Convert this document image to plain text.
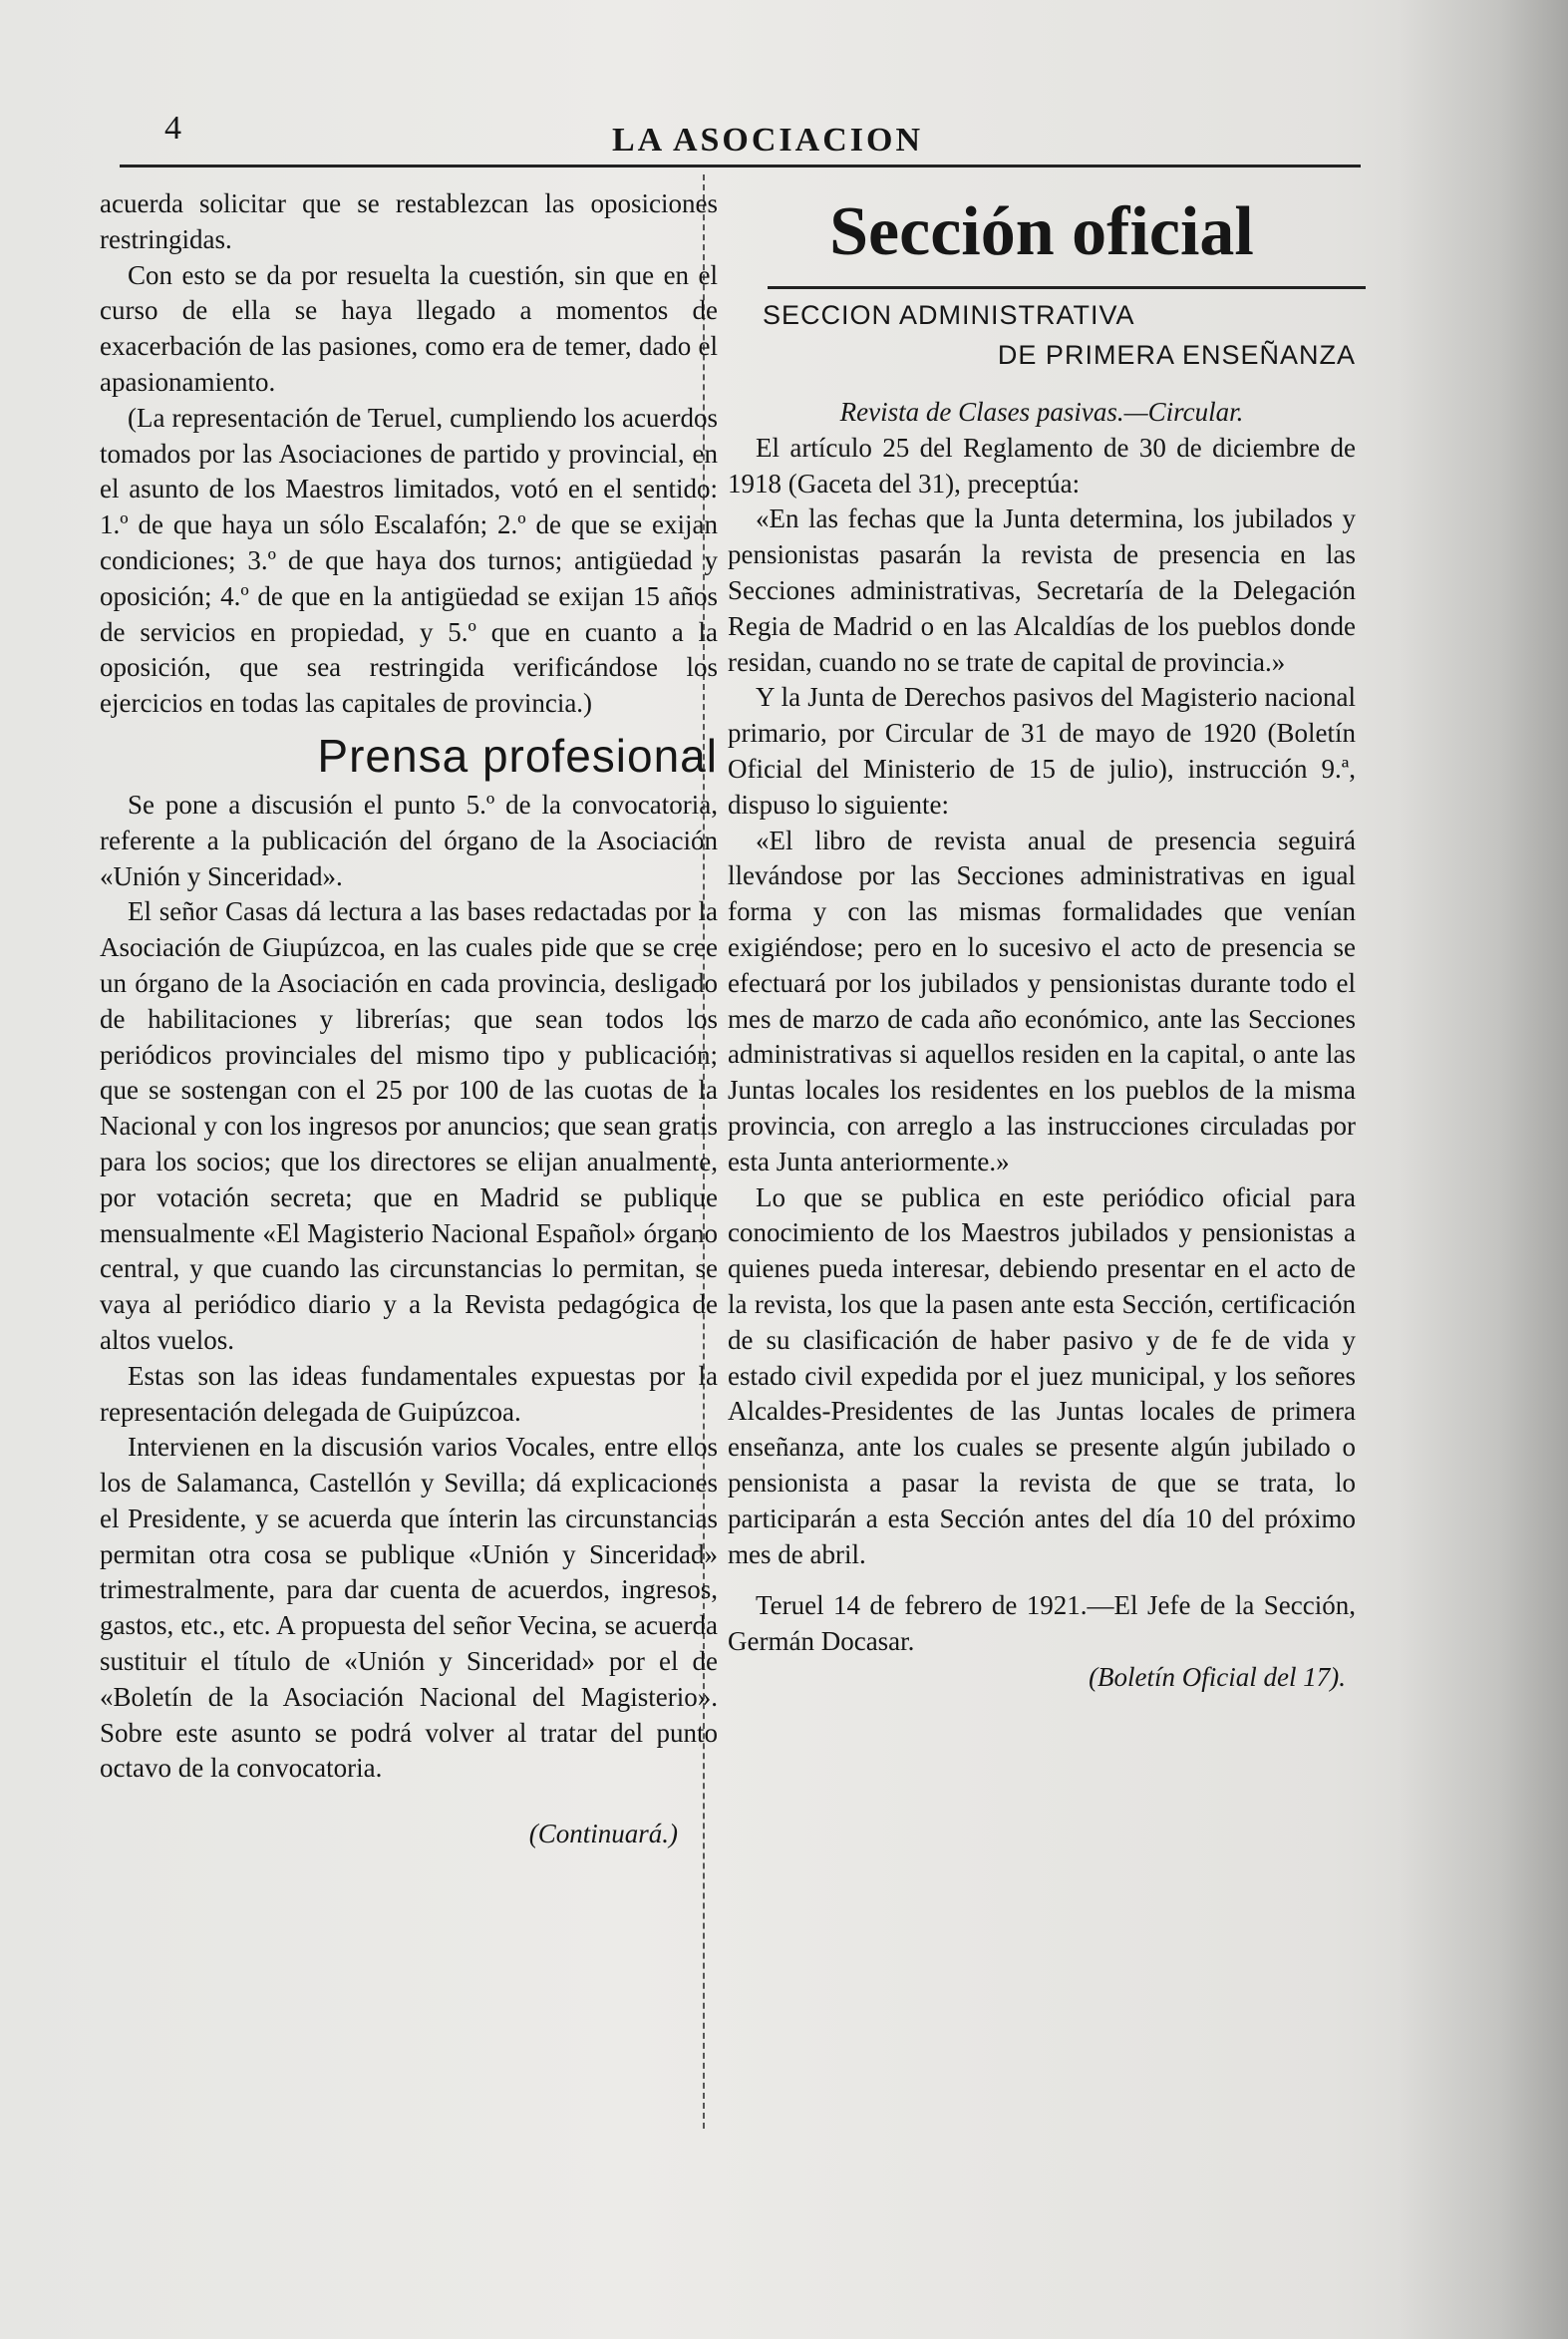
4	LA ASOCIACION

acuerda solicitar que se restablezcan las oposiciones restringidas.

Con esto se da por resuelta la cuestión, sin que en el curso de ella se haya llegado a momentos de exacerbación de las pasiones, como era de temer, dado el apasionamiento.

(La representación de Teruel, cumpliendo los acuerdos tomados por las Asociaciones de partido y provincial, en el asunto de los Maestros limitados, votó en el sentido: 1.º de que haya un sólo Escalafón; 2.º de que se exijan condiciones; 3.º de que haya dos turnos; antigüedad y oposición; 4.º de que en la antigüedad se exijan 15 años de servicios en propiedad, y 5.º que en cuanto a la oposición, que sea restringida verificándose los ejercicios en todas las capitales de provincia.)

Prensa profesional

Se pone a discusión el punto 5.º de la convocatoria, referente a la publicación del órgano de la Asociación «Unión y Sinceridad».

El señor Casas dá lectura a las bases redactadas por la Asociación de Giupúzcoa, en las cuales pide que se cree un órgano de la Asociación en cada provincia, desligado de habilitaciones y librerías; que sean todos los periódicos provinciales del mismo tipo y publicación; que se sostengan con el 25 por 100 de las cuotas de la Nacional y con los ingresos por anuncios; que sean gratis para los socios; que los directores se elijan anualmente, por votación secreta; que en Madrid se publique mensualmente «El Magisterio Nacional Español» órgano central, y que cuando las circunstancias lo permitan, se vaya al periódico diario y a la Revista pedagógica de altos vuelos.

Estas son las ideas fundamentales expuestas por la representación delegada de Guipúzcoa.

Intervienen en la discusión varios Vocales, entre ellos los de Salamanca, Castellón y Sevilla; dá explicaciones el Presidente, y se acuerda que ínterin las circunstancias permitan otra cosa se publique «Unión y Sinceridad» trimestralmente, para dar cuenta de acuerdos, ingresos, gastos, etc., etc. A propuesta del señor Vecina, se acuerda sustituir el título de «Unión y Sinceridad» por el de «Boletín de la Asociación Nacional del Magisterio». Sobre este asunto se podrá volver al tratar del punto octavo de la convocatoria.

(Continuará.)

Sección oficial
SECCION ADMINISTRATIVA
DE PRIMERA ENSEÑANZA

Revista de Clases pasivas.—Circular.

El artículo 25 del Reglamento de 30 de diciembre de 1918 (Gaceta del 31), preceptúa:

«En las fechas que la Junta determina, los jubilados y pensionistas pasarán la revista de presencia en las Secciones administrativas, Secretaría de la Delegación Regia de Madrid o en las Alcaldías de los pueblos donde residan, cuando no se trate de capital de provincia.»

Y la Junta de Derechos pasivos del Magisterio nacional primario, por Circular de 31 de mayo de 1920 (Boletín Oficial del Ministerio de 15 de julio), instrucción 9.ª, dispuso lo siguiente:

«El libro de revista anual de presencia seguirá llevándose por las Secciones administrativas en igual forma y con las mismas formalidades que venían exigiéndose; pero en lo sucesivo el acto de presencia se efectuará por los jubilados y pensionistas durante todo el mes de marzo de cada año económico, ante las Secciones administrativas si aquellos residen en la capital, o ante las Juntas locales los residentes en los pueblos de la misma provincia, con arreglo a las instrucciones circuladas por esta Junta anteriormente.»

Lo que se publica en este periódico oficial para conocimiento de los Maestros jubilados y pensionistas a quienes pueda interesar, debiendo presentar en el acto de la revista, los que la pasen ante esta Sección, certificación de su clasificación de haber pasivo y de fe de vida y estado civil expedida por el juez municipal, y los señores Alcaldes-Presidentes de las Juntas locales de primera enseñanza, ante los cuales se presente algún jubilado o pensionista a pasar la revista de que se trata, lo participarán a esta Sección antes del día 10 del próximo mes de abril.

Teruel 14 de febrero de 1921.—El Jefe de la Sección, Germán Docasar.

(Boletín Oficial del 17).
